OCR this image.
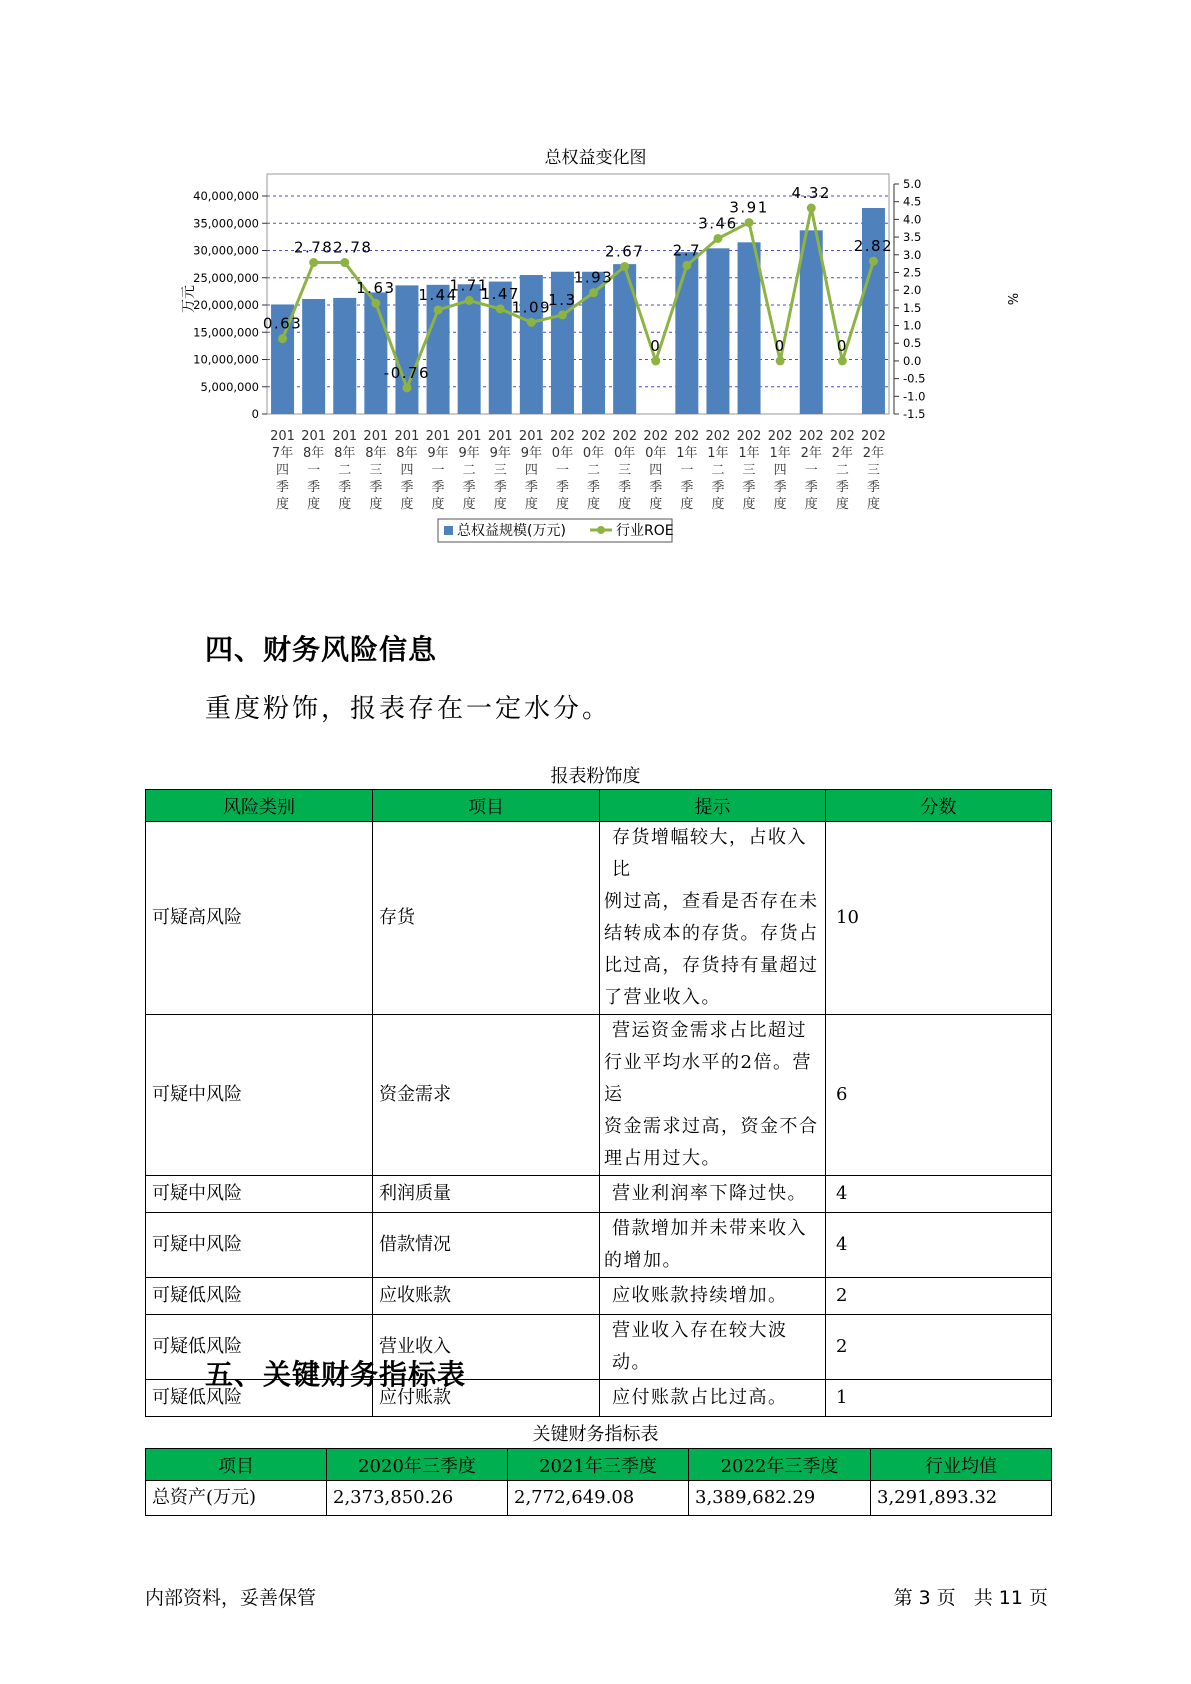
总权益变化图
0
5,000,000
10,000,000
15,000,000
20,000,000
25,000,000
30,000,000
35,000,000
40,000,000
5.0
4.5
4.0
3.5
3.0
2.5
2.0
1.5
1.0
0.5
0.0
-0.5
-1.0
-1.5
万元	%
0.63
2.78 2.78
1.63
-0.76
1.44
1.71
1.47
1.09
1.3
1.93
2.67
0
2.7
3.46
3.91
0
4.32
0
2.82
201
7年
四
季
度
201
8年
一
季
度
201
8年
二
季
度
201
8年
三
季
度
201
8年
四
季
度
201
9年
一
季
度
201
9年
二
季
度
201
9年
三
季
度
201
9年
四
季
度
202
0年
一
季
度
202
0年
二
季
度
202
0年
三
季
度
202
0年
四
季
度
202
1年
一
季
度
202
1年
二
季
度
202
1年
三
季
度
202
1年
四
季
度
202
2年
一
季
度
202
2年
二
季
度
202
2年
三
季
度
总权益规模(万元)	行业ROE
四、财务风险信息
重度粉饰，报表存在一定水分。
报表粉饰度
风险类别	项目	提示	分数
可疑高风险	存货	存货增幅较大，占收入比
例过高，查看是否存在未
结转成本的存货。存货占
比过高，存货持有量超过
了营业收入。	10
可疑中风险	资金需求	营运资金需求占比超过
行业平均水平的2倍。营运
资金需求过高，资金不合
理占用过大。	6
可疑中风险	利润质量	营业利润率下降过快。	4
可疑中风险	借款情况	借款增加并未带来收入
的增加。	4
可疑低风险	应收账款	应收账款持续增加。	2
可疑低风险	营业收入	营业收入存在较大波动。	2
可疑低风险	应付账款	应付账款占比过高。	1
五、关键财务指标表
关键财务指标表
项目	2020年三季度	2021年三季度	2022年三季度	行业均值
总资产(万元)	2,373,850.26	2,772,649.08	3,389,682.29	3,291,893.32
内部资料，妥善保管	第 3 页 共 11 页
